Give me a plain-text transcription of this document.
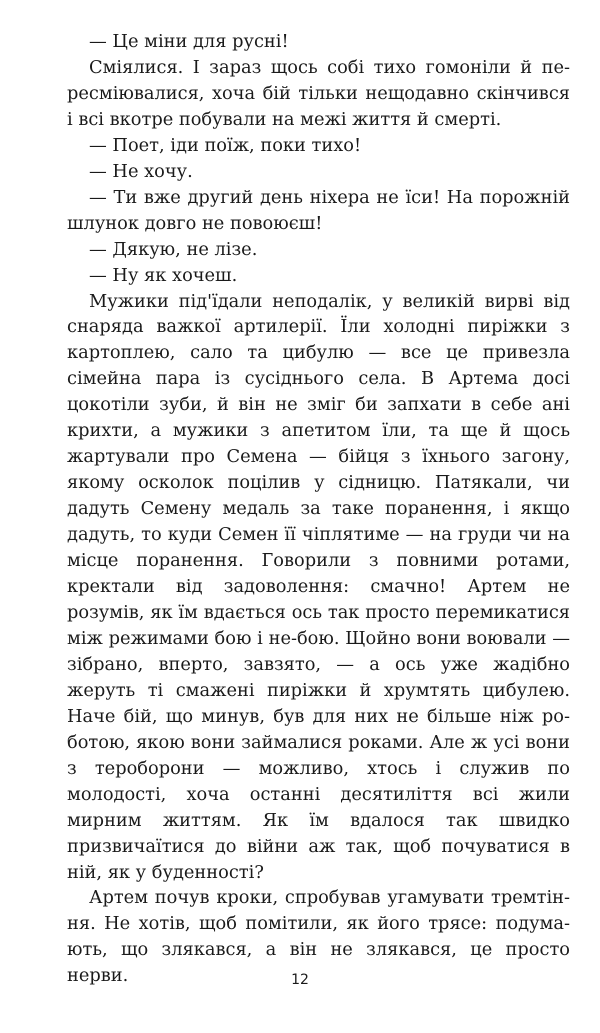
— Це міни для русні!

Сміялися. І зараз щось собі тихо гомоніли й пересміювалися, хоча бій тільки нещодавно скінчився і всі вкотре побували на межі життя й смерті.

— Поет, іди поїж, поки тихо!

— Не хочу.

— Ти вже другий день ніхера не їси! На порожній шлунок довго не повоюєш!

— Дякую, не лізе.

— Ну як хочеш.

Мужики під'їдали неподалік, у великій вирві від снаряда важкої артилерії. Їли холодні пиріжки з картоплею, сало та цибулю — все це привезла сімейна пара із сусіднього села. В Артема досі цокотіли зуби, й він не зміг би запхати в себе ані крихти, а мужики з апетитом їли, та ще й щось жартували про Семена — бійця з їхнього загону, якому осколок поцілив у сідницю. Патякали, чи дадуть Семену медаль за таке поранення, і якщо дадуть, то куди Семен її чіплятиме — на груди чи на місце поранення. Говорили з повними ротами, кректали від задоволення: смачно! Артем не розумів, як їм вдається ось так просто перемикатися між режимами бою і не-бою. Щойно вони воювали — зібрано, вперто, завзято, — а ось уже жадібно жеруть ті смажені пиріжки й хрумтять цибулею. Наче бій, що минув, був для них не більше ніж роботою, якою вони займалися роками. Але ж усі вони з тероборони — можливо, хтось і служив по молодості, хоча останні десятиліття всі жили мирним життям. Як їм вдалося так швидко призвичаїтися до війни аж так, щоб почуватися в ній, як у буденності?

Артем почув кроки, спробував угамувати тремтіння. Не хотів, щоб помітили, як його трясе: подумають, що злякався, а він не злякався, це просто нерви.	12
